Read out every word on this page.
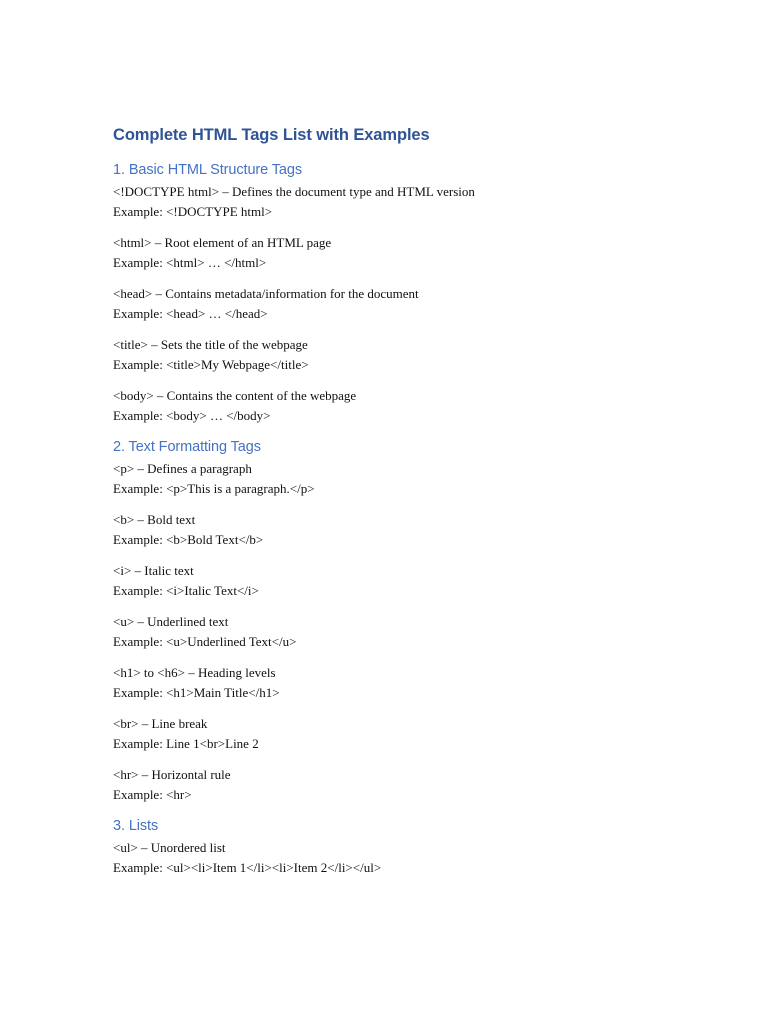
Complete HTML Tags List with Examples
1. Basic HTML Structure Tags

<!DOCTYPE html> – Defines the document type and HTML version

Example: <!DOCTYPE html>

<html> – Root element of an HTML page

Example: <html> … </html>

<head> – Contains metadata/information for the document

Example: <head> … </head>

<title> – Sets the title of the webpage

Example: <title>My Webpage</title>

<body> – Contains the content of the webpage

Example: <body> … </body>

2. Text Formatting Tags

<p> – Defines a paragraph

Example: <p>This is a paragraph.</p>

<b> – Bold text

Example: <b>Bold Text</b>

<i> – Italic text

Example: <i>Italic Text</i>

<u> – Underlined text

Example: <u>Underlined Text</u>

<h1> to <h6> – Heading levels

Example: <h1>Main Title</h1>

<br> – Line break

Example: Line 1<br>Line 2

<hr> – Horizontal rule

Example: <hr>

3. Lists

<ul> – Unordered list

Example: <ul><li>Item 1</li><li>Item 2</li></ul>
